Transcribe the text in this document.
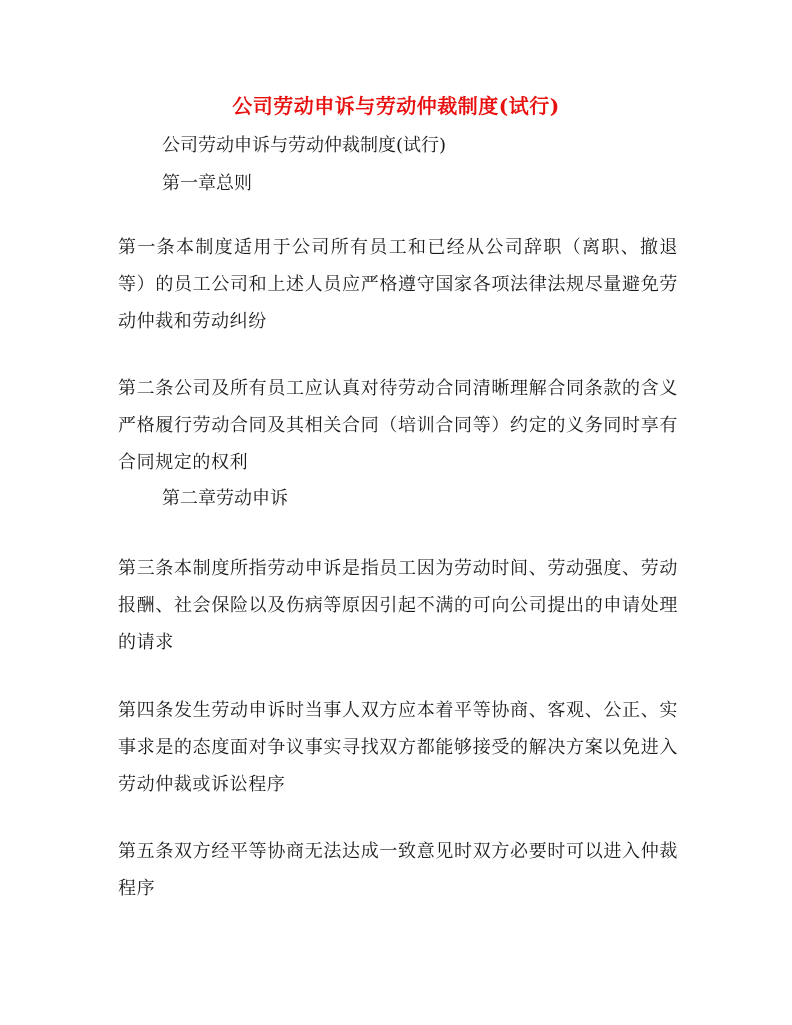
公司劳动申诉与劳动仲裁制度(试行)
公司劳动申诉与劳动仲裁制度(试行)
第一章总则
第一条本制度适用于公司所有员工和已经从公司辞职（离职、撤退等）的员工公司和上述人员应严格遵守国家各项法律法规尽量避免劳动仲裁和劳动纠纷
第二条公司及所有员工应认真对待劳动合同清晰理解合同条款的含义严格履行劳动合同及其相关合同（培训合同等）约定的义务同时享有合同规定的权利
第二章劳动申诉
第三条本制度所指劳动申诉是指员工因为劳动时间、劳动强度、劳动报酬、社会保险以及伤病等原因引起不满的可向公司提出的申请处理的请求
第四条发生劳动申诉时当事人双方应本着平等协商、客观、公正、实事求是的态度面对争议事实寻找双方都能够接受的解决方案以免进入劳动仲裁或诉讼程序
第五条双方经平等协商无法达成一致意见时双方必要时可以进入仲裁程序
